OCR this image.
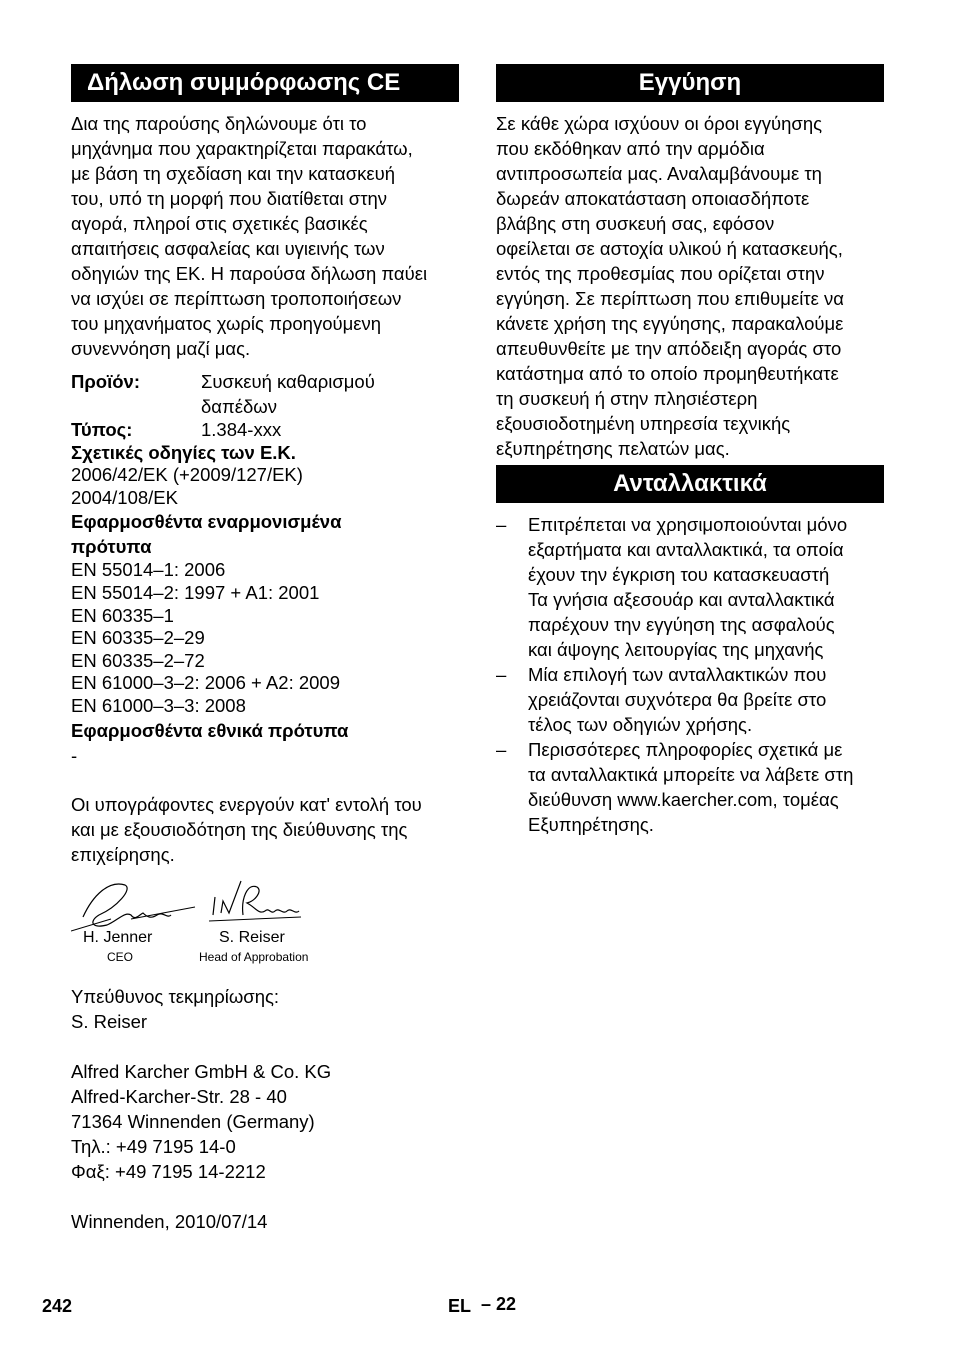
Δήλωση συμμόρφωσης CE
Δια της παρούσης δηλώνουμε ότι το
μηχάνημα που χαρακτηρίζεται παρακάτω,
με βάση τη σχεδίαση και την κατασκευή
του, υπό τη μορφή που διατίθεται στην
αγορά, πληροί στις σχετικές βασικές
απαιτήσεις ασφαλείας και υγιεινής των
οδηγιών της ΕΚ. Η παρούσα δήλωση παύει
να ισχύει σε περίπτωση τροποποιήσεων
του μηχανήματος χωρίς προηγούμενη
συνεννόηση μαζί μας.
Προϊόν:	Συσκευή καθαρισμού
δαπέδων
Τύπος:	1.384-xxx
Σχετικές οδηγίες των Ε.Κ.
2006/42/EK (+2009/127/EK)
2004/108/EK
Εφαρμοσθέντα εναρμονισμένα
πρότυπα
EN 55014–1: 2006
EN 55014–2: 1997 + A1: 2001
EN 60335–1
EN 60335–2–29
EN 60335–2–72
EN 61000–3–2: 2006 + A2: 2009
EN 61000–3–3: 2008
Εφαρμοσθέντα εθνικά πρότυπα
-
Οι υπογράφοντες ενεργούν κατ' εντολή του
και με εξουσιοδότηση της διεύθυνσης της
επιχείρησης.
H. Jenner
CEO
S. Reiser
Head of Approbation
Υπεύθυνος τεκμηρίωσης:
S. Reiser
Alfred Karcher GmbH & Co. KG
Alfred-Karcher-Str. 28 - 40
71364 Winnenden (Germany)
Τηλ.: +49 7195 14-0
Φαξ: +49 7195 14-2212
Winnenden, 2010/07/14
Εγγύηση
Σε κάθε χώρα ισχύουν οι όροι εγγύησης
που εκδόθηκαν από την αρμόδια
αντιπροσωπεία μας. Αναλαμβάνουμε τη
δωρεάν αποκατάσταση οποιασδήποτε
βλάβης στη συσκευή σας, εφόσον
οφείλεται σε αστοχία υλικού ή κατασκευής,
εντός της προθεσμίας που ορίζεται στην
εγγύηση. Σε περίπτωση που επιθυμείτε να
κάνετε χρήση της εγγύησης, παρακαλούμε
απευθυνθείτε με την απόδειξη αγοράς στο
κατάστημα από το οποίο προμηθευτήκατε
τη συσκευή ή στην πλησιέστερη
εξουσιοδοτημένη υπηρεσία τεχνικής
εξυπηρέτησης πελατών μας.
Ανταλλακτικά
–	Επιτρέπεται να χρησιμοποιούνται μόνο
εξαρτήματα και ανταλλακτικά, τα οποία
έχουν την έγκριση του κατασκευαστή
Τα γνήσια αξεσουάρ και ανταλλακτικά
παρέχουν την εγγύηση της ασφαλούς
και άψογης λειτουργίας της μηχανής
–	Μία επιλογή των ανταλλακτικών που
χρειάζονται συχνότερα θα βρείτε στο
τέλος των οδηγιών χρήσης.
–	Περισσότερες πληροφορίες σχετικά με
τα ανταλλακτικά μπορείτε να λάβετε στη
διεύθυνση www.kaercher.com, τομέας
Εξυπηρέτησης.
242	EL – 22
